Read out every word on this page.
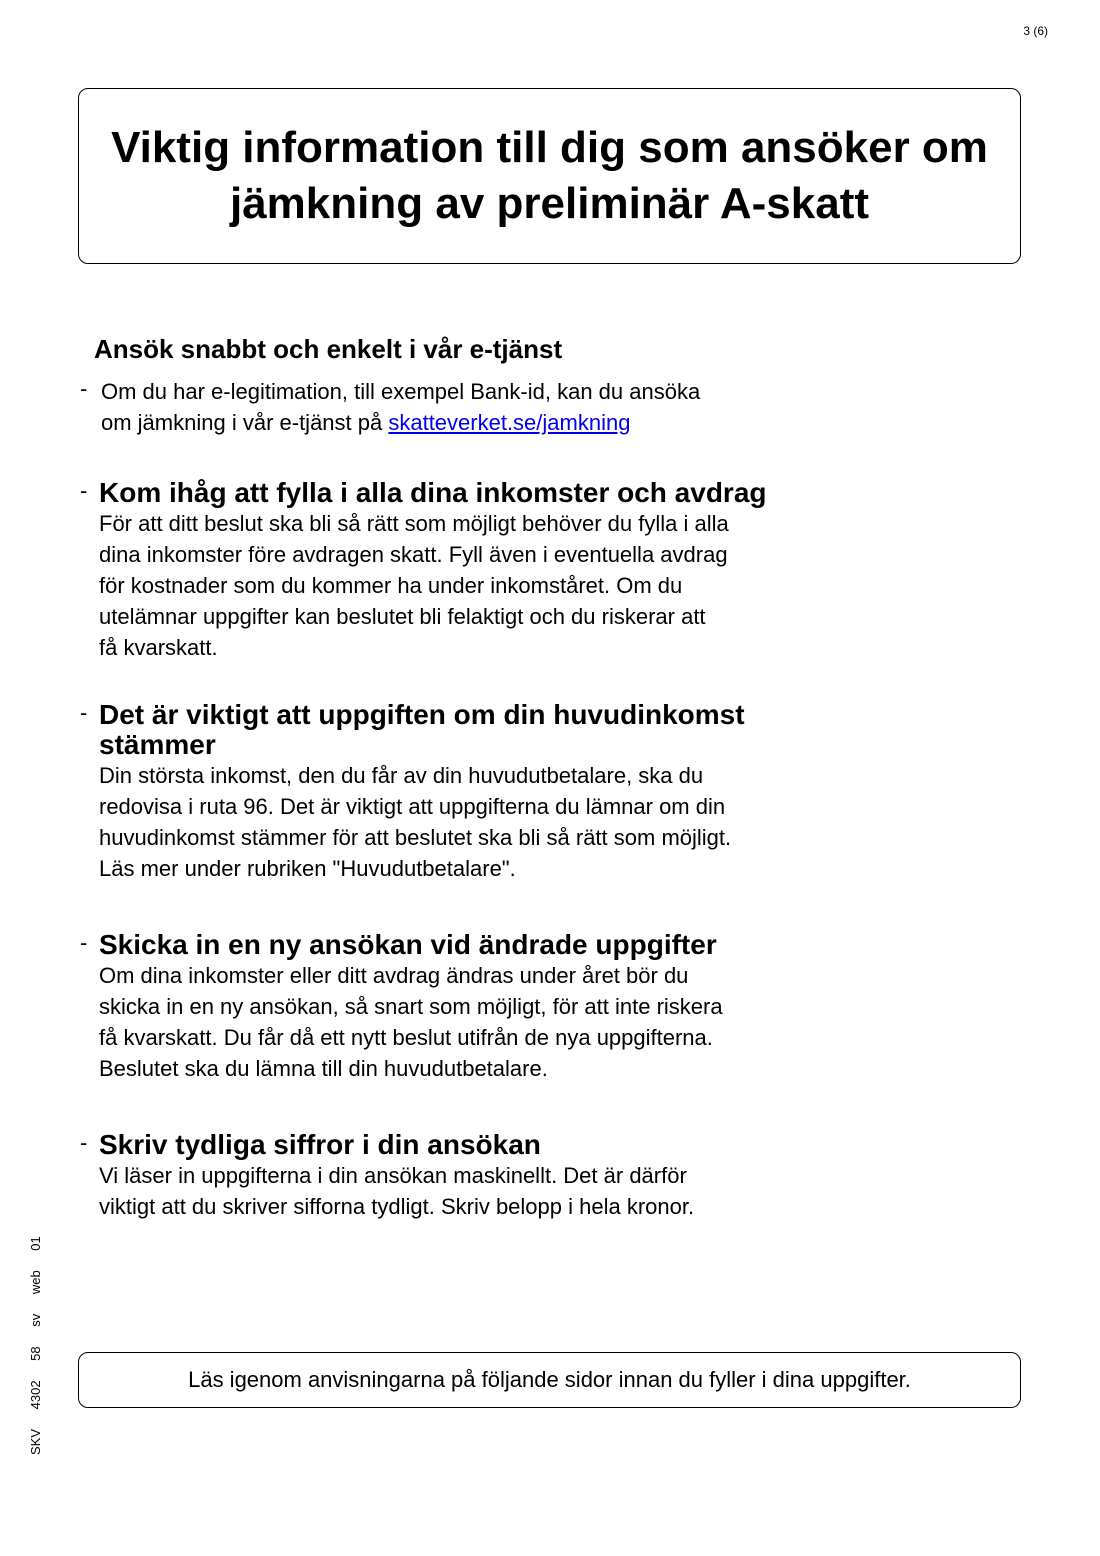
3 (6)
Viktig information till dig som ansöker om jämkning av preliminär A-skatt
Ansök snabbt och enkelt i vår e-tjänst
- Om du har e-legitimation, till exempel Bank-id, kan du ansöka
om jämkning i vår e-tjänst på skatteverket.se/jamkning

- Kom ihåg att fylla i alla dina inkomster och avdrag

För att ditt beslut ska bli så rätt som möjligt behöver du fylla i alla
dina inkomster före avdragen skatt. Fyll även i eventuella avdrag
för kostnader som du kommer ha under inkomståret. Om du
utelämnar uppgifter kan beslutet bli felaktigt och du riskerar att
få kvarskatt.

- Det är viktigt att uppgiften om din huvudinkomst stämmer

Din största inkomst, den du får av din huvudutbetalare, ska du
redovisa i ruta 96. Det är viktigt att uppgifterna du lämnar om din
huvudinkomst stämmer för att beslutet ska bli så rätt som möjligt.
Läs mer under rubriken "Huvudutbetalare".

- Skicka in en ny ansökan vid ändrade uppgifter

Om dina inkomster eller ditt avdrag ändras under året bör du
skicka in en ny ansökan, så snart som möjligt, för att inte riskera
få kvarskatt. Du får då ett nytt beslut utifrån de nya uppgifterna.
Beslutet ska du lämna till din huvudutbetalare.

- Skriv tydliga siffror i din ansökan

Vi läser in uppgifterna i din ansökan maskinellt. Det är därför
viktigt att du skriver sifforna tydligt. Skriv belopp i hela kronor.

Läs igenom anvisningarna på följande sidor innan du fyller i dina uppgifter.
SKV 4302 58 sv web 01
